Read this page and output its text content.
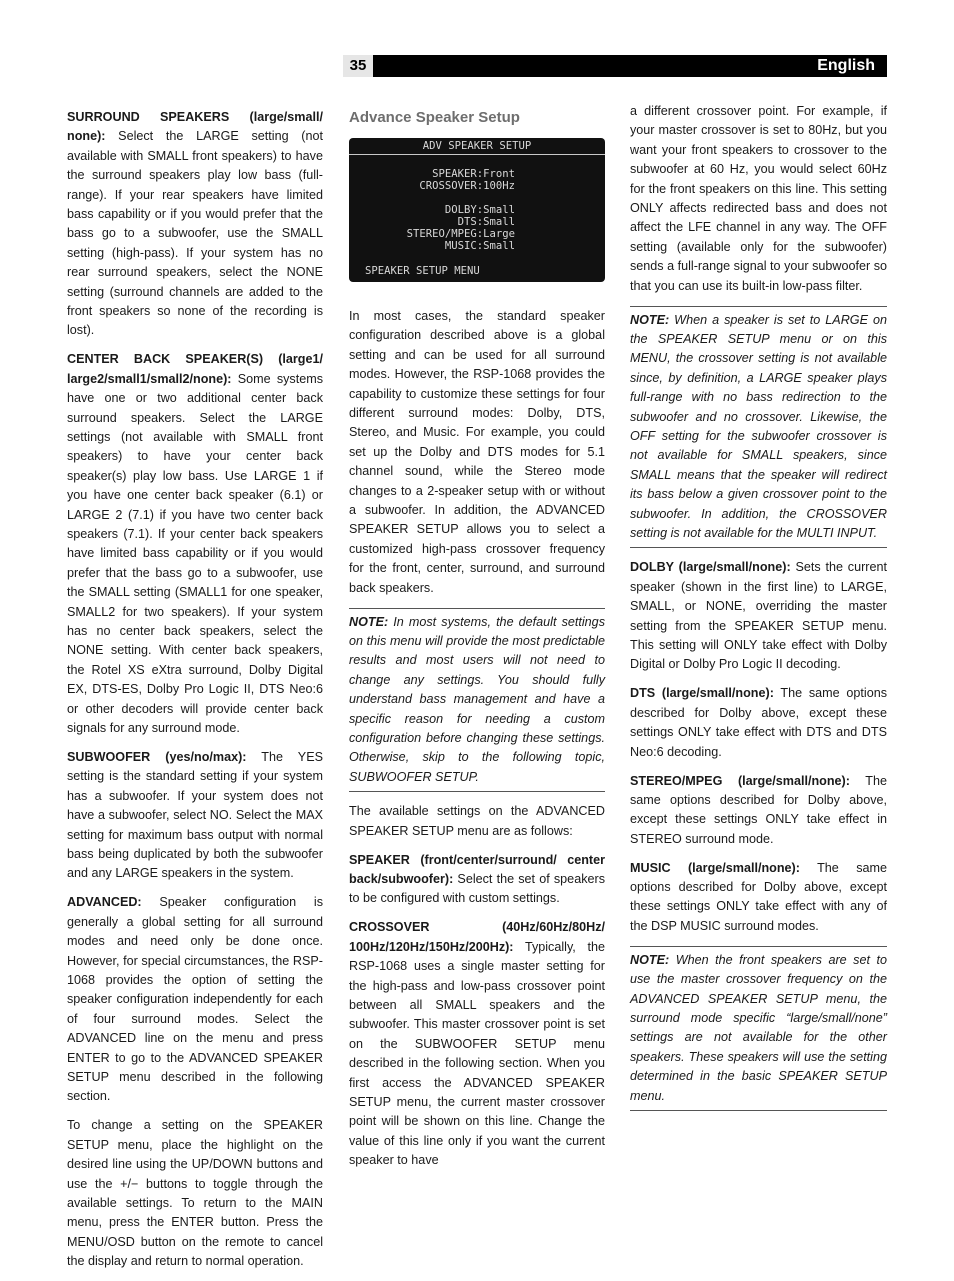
35	English

SURROUND SPEAKERS (large/small/ none): Select the LARGE setting (not available with SMALL front speakers) to have the surround speakers play low bass (full-range). If your rear speakers have limited bass capability or if you would prefer that the bass go to a subwoofer, use the SMALL setting (high-pass). If your system has no rear surround speakers, select the NONE setting (surround channels are added to the front speakers so none of the recording is lost).

CENTER BACK SPEAKER(S) (large1/ large2/small1/small2/none): Some systems have one or two additional center back surround speakers. Select the LARGE settings (not available with SMALL front speakers) to have your center back speaker(s) play low bass. Use LARGE 1 if you have one center back speaker (6.1) or LARGE 2 (7.1) if you have two center back speakers (7.1). If your center back speakers have limited bass capability or if you would prefer that the bass go to a subwoofer, use the SMALL setting (SMALL1 for one speaker, SMALL2 for two speakers). If your system has no center back speakers, select the NONE setting. With center back speakers, the Rotel XS eXtra surround, Dolby Digital EX, DTS-ES, Dolby Pro Logic II, DTS Neo:6 or other decoders will provide center back signals for any surround mode.

SUBWOOFER (yes/no/max): The YES setting is the standard setting if your system has a subwoofer. If your system does not have a subwoofer, select NO. Select the MAX setting for maximum bass output with normal bass being duplicated by both the subwoofer and any LARGE speakers in the system.

ADVANCED: Speaker configuration is generally a global setting for all surround modes and need only be done once. However, for special circumstances, the RSP-1068 provides the option of setting the speaker configuration independently for each of four surround modes. Select the ADVANCED line on the menu and press ENTER to go to the ADVANCED SPEAKER SETUP menu described in the following section.

To change a setting on the SPEAKER SETUP menu, place the highlight on the desired line using the UP/DOWN buttons and use the +/− buttons to toggle through the available settings. To return to the MAIN menu, press the ENTER button. Press the MENU/OSD button on the remote to cancel the display and return to normal operation.

Advance Speaker Setup
ADV SPEAKER SETUP
SPEAKER:Front
CROSSOVER:100Hz
DOLBY:Small
DTS:Small
STEREO/MPEG:Large
MUSIC:Small
SPEAKER SETUP MENU

In most cases, the standard speaker configuration described above is a global setting and can be used for all surround modes. However, the RSP-1068 provides the capability to customize these settings for four different surround modes: Dolby, DTS, Stereo, and Music. For example, you could set up the Dolby and DTS modes for 5.1 channel sound, while the Stereo mode changes to a 2-speaker setup with or without a subwoofer. In addition, the ADVANCED SPEAKER SETUP allows you to select a customized high-pass crossover frequency for the front, center, surround, and surround back speakers.

NOTE: In most systems, the default settings on this menu will provide the most predictable results and most users will not need to change any settings. You should fully understand bass management and have a specific reason for needing a custom configuration before changing these settings. Otherwise, skip to the following topic, SUBWOOFER SETUP.

The available settings on the ADVANCED SPEAKER SETUP menu are as follows:

SPEAKER (front/center/surround/ center back/subwoofer): Select the set of speakers to be configured with custom settings.

CROSSOVER (40Hz/60Hz/80Hz/ 100Hz/120Hz/150Hz/200Hz): Typically, the RSP-1068 uses a single master setting for the high-pass and low-pass crossover point between all SMALL speakers and the subwoofer. This master crossover point is set on the SUBWOOFER SETUP menu described in the following section. When you first access the ADVANCED SPEAKER SETUP menu, the current master crossover point will be shown on this line. Change the value of this line only if you want the current speaker to have

a different crossover point. For example, if your master crossover is set to 80Hz, but you want your front speakers to crossover to the subwoofer at 60 Hz, you would select 60Hz for the front speakers on this line. This setting ONLY affects redirected bass and does not affect the LFE channel in any way. The OFF setting (available only for the subwoofer) sends a full-range signal to your subwoofer so that you can use its built-in low-pass filter.

NOTE: When a speaker is set to LARGE on the SPEAKER SETUP menu or on this MENU, the crossover setting is not available since, by definition, a LARGE speaker plays full-range with no bass redirection to the subwoofer and no crossover. Likewise, the OFF setting for the subwoofer crossover is not available for SMALL speakers, since SMALL means that the speaker will redirect its bass below a given crossover point to the subwoofer. In addition, the CROSSOVER setting is not available for the MULTI INPUT.

DOLBY (large/small/none): Sets the current speaker (shown in the first line) to LARGE, SMALL, or NONE, overriding the master setting from the SPEAKER SETUP menu. This setting will ONLY take effect with Dolby Digital or Dolby Pro Logic II decoding.

DTS (large/small/none): The same options described for Dolby above, except these settings ONLY take effect with DTS and DTS Neo:6 decoding.

STEREO/MPEG (large/small/none): The same options described for Dolby above, except these settings ONLY take effect in STEREO surround mode.

MUSIC (large/small/none): The same options described for Dolby above, except these settings ONLY take effect with any of the DSP MUSIC surround modes.

NOTE: When the front speakers are set to use the master crossover frequency on the ADVANCED SPEAKER SETUP menu, the surround mode specific “large/small/none” settings are not available for the other speakers. These speakers will use the setting determined in the basic SPEAKER SETUP menu.
